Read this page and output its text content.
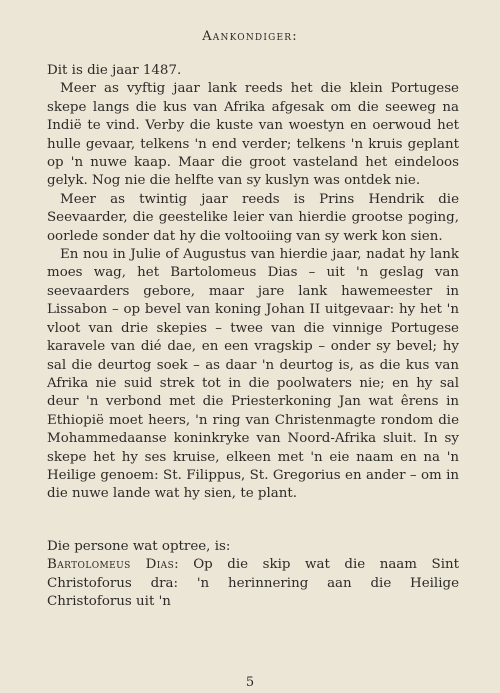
Aankondiger:

Dit is die jaar 1487.

Meer as vyftig jaar lank reeds het die klein Portugese skepe langs die kus van Afrika afgesak om die seeweg na Indië te vind. Verby die kuste van woestyn en oerwoud het hulle gevaar, telkens 'n end verder; telkens 'n kruis geplant op 'n nuwe kaap. Maar die groot vasteland het eindeloos gelyk. Nog nie die helfte van sy kuslyn was ontdek nie.

Meer as twintig jaar reeds is Prins Hendrik die Seevaarder, die geestelike leier van hierdie grootse poging, oorlede sonder dat hy die voltooiing van sy werk kon sien.

En nou in Julie of Augustus van hierdie jaar, nadat hy lank moes wag, het Bartolomeus Dias – uit 'n geslag van seevaarders gebore, maar jare lank hawemeester in Lissabon – op bevel van koning Johan II uitgevaar: hy het 'n vloot van drie skepies – twee van die vinnige Portugese karavele van dié dae, en een vragskip – onder sy bevel; hy sal die deurtog soek – as daar 'n deurtog is, as die kus van Afrika nie suid strek tot in die poolwaters nie; en hy sal deur 'n verbond met die Priesterkoning Jan wat êrens in Ethiopië moet heers, 'n ring van Christenmagte rondom die Mohammedaanse koninkryke van Noord-Afrika sluit. In sy skepe het hy ses kruise, elkeen met 'n eie naam en na 'n Heilige genoem: St. Filippus, St. Gregorius en ander – om in die nuwe lande wat hy sien, te plant.

Die persone wat optree, is:

Bartolomeus Dias: Op die skip wat die naam Sint Christoforus dra: 'n herinnering aan die Heilige Christoforus uit 'n

5
